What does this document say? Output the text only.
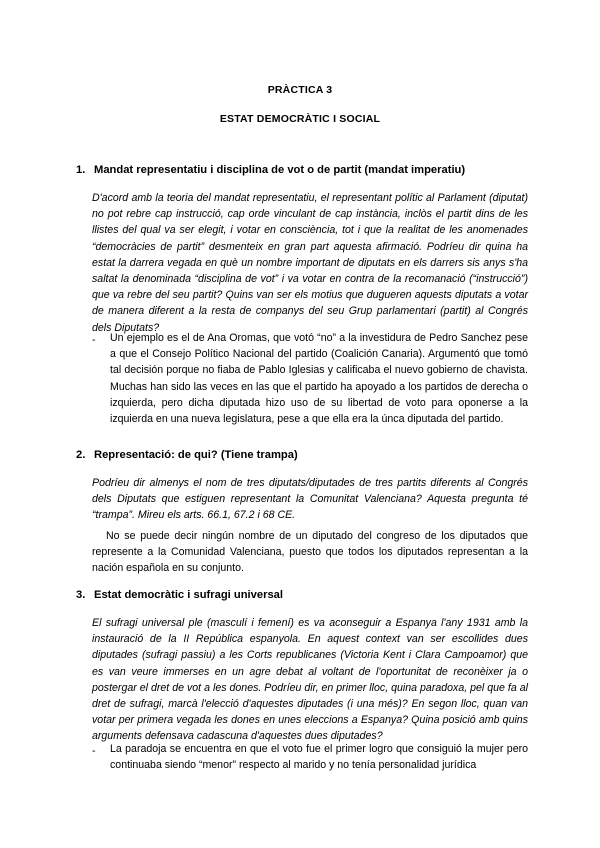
PRÀCTICA 3
ESTAT DEMOCRÀTIC I SOCIAL
1. Mandat representatiu i disciplina de vot o de partit (mandat imperatiu)

D'acord amb la teoria del mandat representatiu, el representant polític al Parlament (diputat) no pot rebre cap instrucció, cap orde vinculant de cap instància, inclòs el partit dins de les llistes del qual va ser elegit, i votar en consciència, tot i que la realitat de les anomenades “democràcies de partit” desmenteix en gran part aquesta afirmació. Podríeu dir quina ha estat la darrera vegada en què un nombre important de diputats en els darrers sis anys s'ha saltat la denominada “disciplina de vot” i va votar en contra de la recomanació (“instrucció”) que va rebre del seu partit? Quins van ser els motius que dugueren aquests diputats a votar de manera diferent a la resta de companys del seu Grup parlamentari (partit) al Congrés dels Diputats?

- Un ejemplo es el de Ana Oromas, que votó “no” a la investidura de Pedro Sanchez pese a que el Consejo Político Nacional del partido (Coalición Canaria). Argumentó que tomó tal decisión porque no fiaba de Pablo Iglesias y calificaba el nuevo gobierno de chavista. Muchas han sido las veces en las que el partido ha apoyado a los partidos de derecha o izquierda, pero dicha diputada hizo uso de su libertad de voto para oponerse a la izquierda en una nueva legislatura, pese a que ella era la únca diputada del partido.

2. Representació: de qui? (Tiene trampa)

Podríeu dir almenys el nom de tres diputats/diputades de tres partits diferents al Congrés dels Diputats que estiguen representant la Comunitat Valenciana? Aquesta pregunta té “trampa”. Mireu els arts. 66.1, 67.2 i 68 CE.

No se puede decir ningún nombre de un diputado del congreso de los diputados que represente a la Comunidad Valenciana, puesto que todos los diputados representan a la nación española en su conjunto.

3. Estat democràtic i sufragi universal

El sufragi universal ple (masculí i femení) es va aconseguir a Espanya l'any 1931 amb la instauració de la II República espanyola. En aquest context van ser escollides dues diputades (sufragi passiu) a les Corts republicanes (Victoria Kent i Clara Campoamor) que es van veure immerses en un agre debat al voltant de l'oportunitat de reconèixer ja o postergar el dret de vot a les dones. Podríeu dir, en primer lloc, quina paradoxa, pel que fa al dret de sufragi, marcà l'elecció d'aquestes diputades (i una més)? En segon lloc, quan van votar per primera vegada les dones en unes eleccions a Espanya? Quina posició amb quins arguments defensava cadascuna d'aquestes dues diputades?

- La paradoja se encuentra en que el voto fue el primer logro que consiguió la mujer pero continuaba siendo “menor” respecto al marido y no tenía personalidad jurídica
